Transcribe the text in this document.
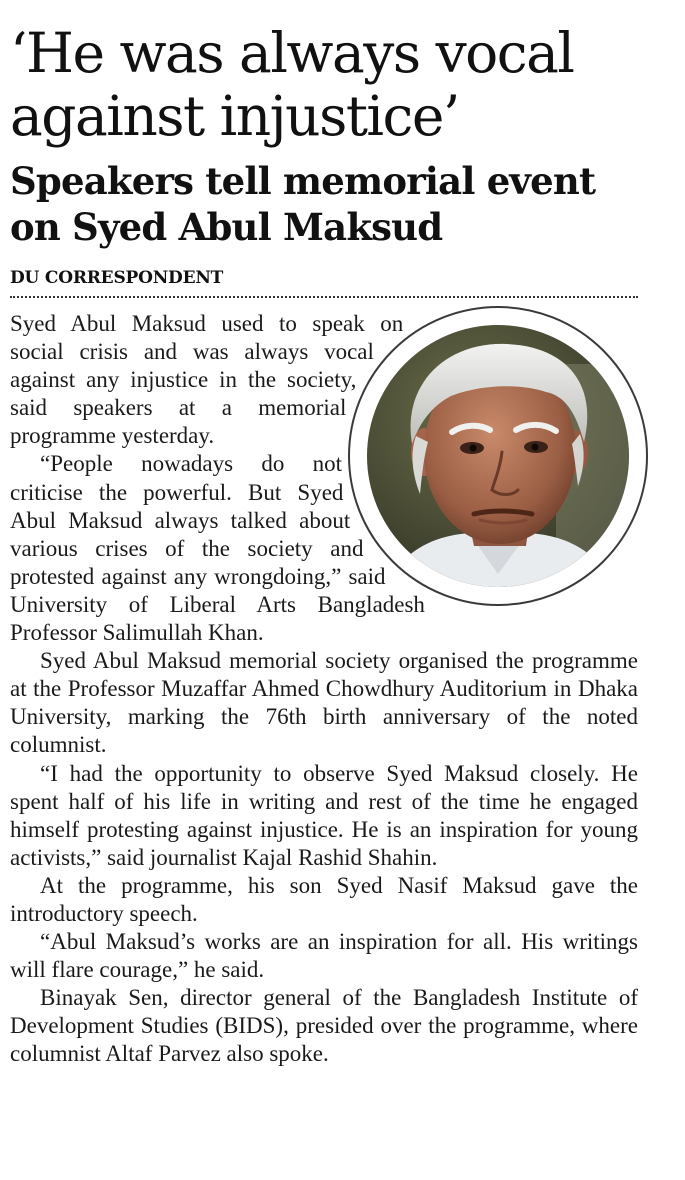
‘He was always vocal against injustice’
Speakers tell memorial event on Syed Abul Maksud
DU CORRESPONDENT

Syed Abul Maksud used to speak on social crisis and was always vocal against any injustice in the society, said speakers at a memorial programme yesterday.

“People nowadays do not criticise the powerful. But Syed Abul Maksud always talked about various crises of the society and protested against any wrongdoing,” said University of Liberal Arts Bangladesh Professor Salimullah Khan.

Syed Abul Maksud memorial society organised the programme at the Professor Muzaffar Ahmed Chowdhury Auditorium in Dhaka University, marking the 76th birth anniversary of the noted columnist.

“I had the opportunity to observe Syed Maksud closely. He spent half of his life in writing and rest of the time he engaged himself protesting against injustice. He is an inspiration for young activists,” said journalist Kajal Rashid Shahin.

At the programme, his son Syed Nasif Maksud gave the introductory speech.

“Abul Maksud’s works are an inspiration for all. His writings will flare courage,” he said.

Binayak Sen, director general of the Bangladesh Institute of Development Studies (BIDS), presided over the programme, where columnist Altaf Parvez also spoke.
